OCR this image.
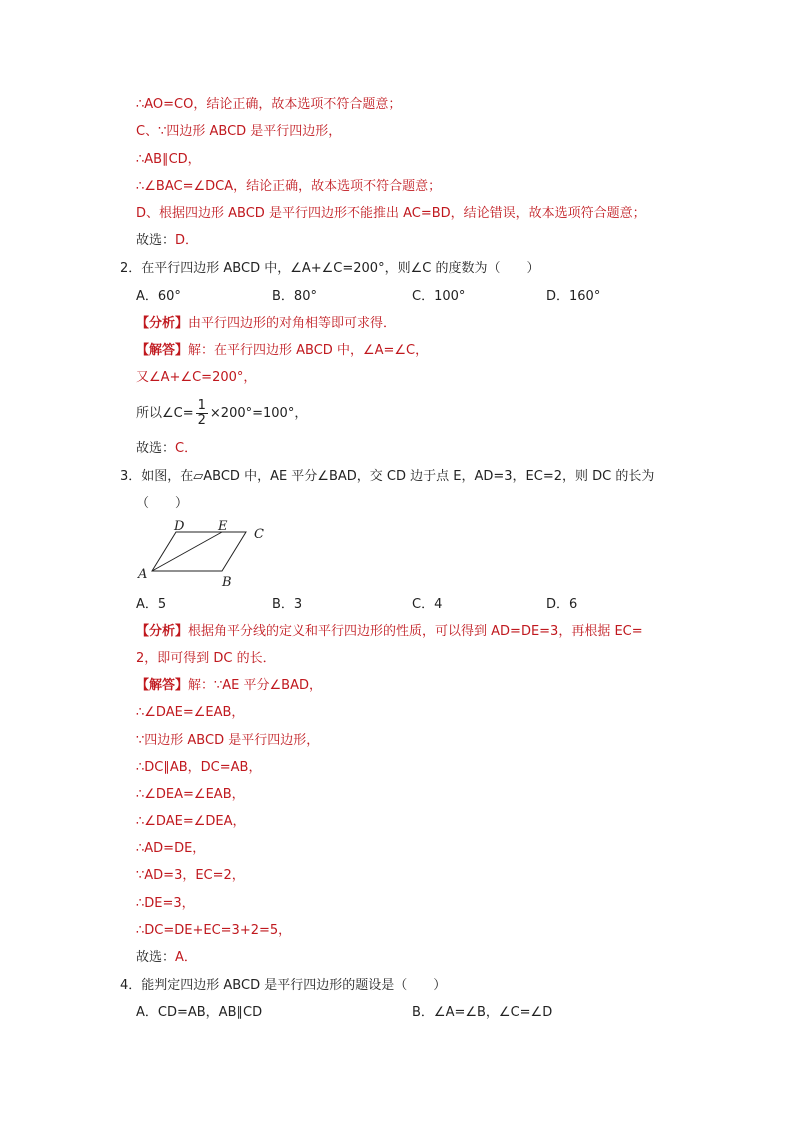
∴AO=CO，结论正确，故本选项不符合题意；
C、∵四边形 ABCD 是平行四边形，
∴AB∥CD，
∴∠BAC=∠DCA，结论正确，故本选项不符合题意；
D、根据四边形 ABCD 是平行四边形不能推出 AC=BD，结论错误，故本选项符合题意；
故选：D．
2．在平行四边形 ABCD 中，∠A+∠C=200°，则∠C 的度数为（　　）
A．60°	B．80°	C．100°	D．160°
【分析】由平行四边形的对角相等即可求得．
【解答】解：在平行四边形 ABCD 中，∠A=∠C，
又∠A+∠C=200°，
所以∠C= $\frac{1}{2} \times 200^\circ=100^\circ$，
故选：C．
3．如图，在▱ABCD 中，AE 平分∠BAD，交 CD 边于点 E，AD=3，EC=2，则 DC 的长为
（　　）
D	E
C
A
B
A．5	B．3	C．4	D．6
【分析】根据角平分线的定义和平行四边形的性质，可以得到 AD=DE=3，再根据 EC=
2，即可得到 DC 的长．
【解答】解：∵AE 平分∠BAD，
∴∠DAE=∠EAB，
∵四边形 ABCD 是平行四边形，
∴DC∥AB，DC=AB，
∴∠DEA=∠EAB，
∴∠DAE=∠DEA，
∴AD=DE，
∵AD=3，EC=2，
∴DE=3，
∴DC=DE+EC=3+2=5，
故选：A．
4．能判定四边形 ABCD 是平行四边形的题设是（　　）
A．CD=AB，AB∥CD	B．∠A=∠B，∠C=∠D
